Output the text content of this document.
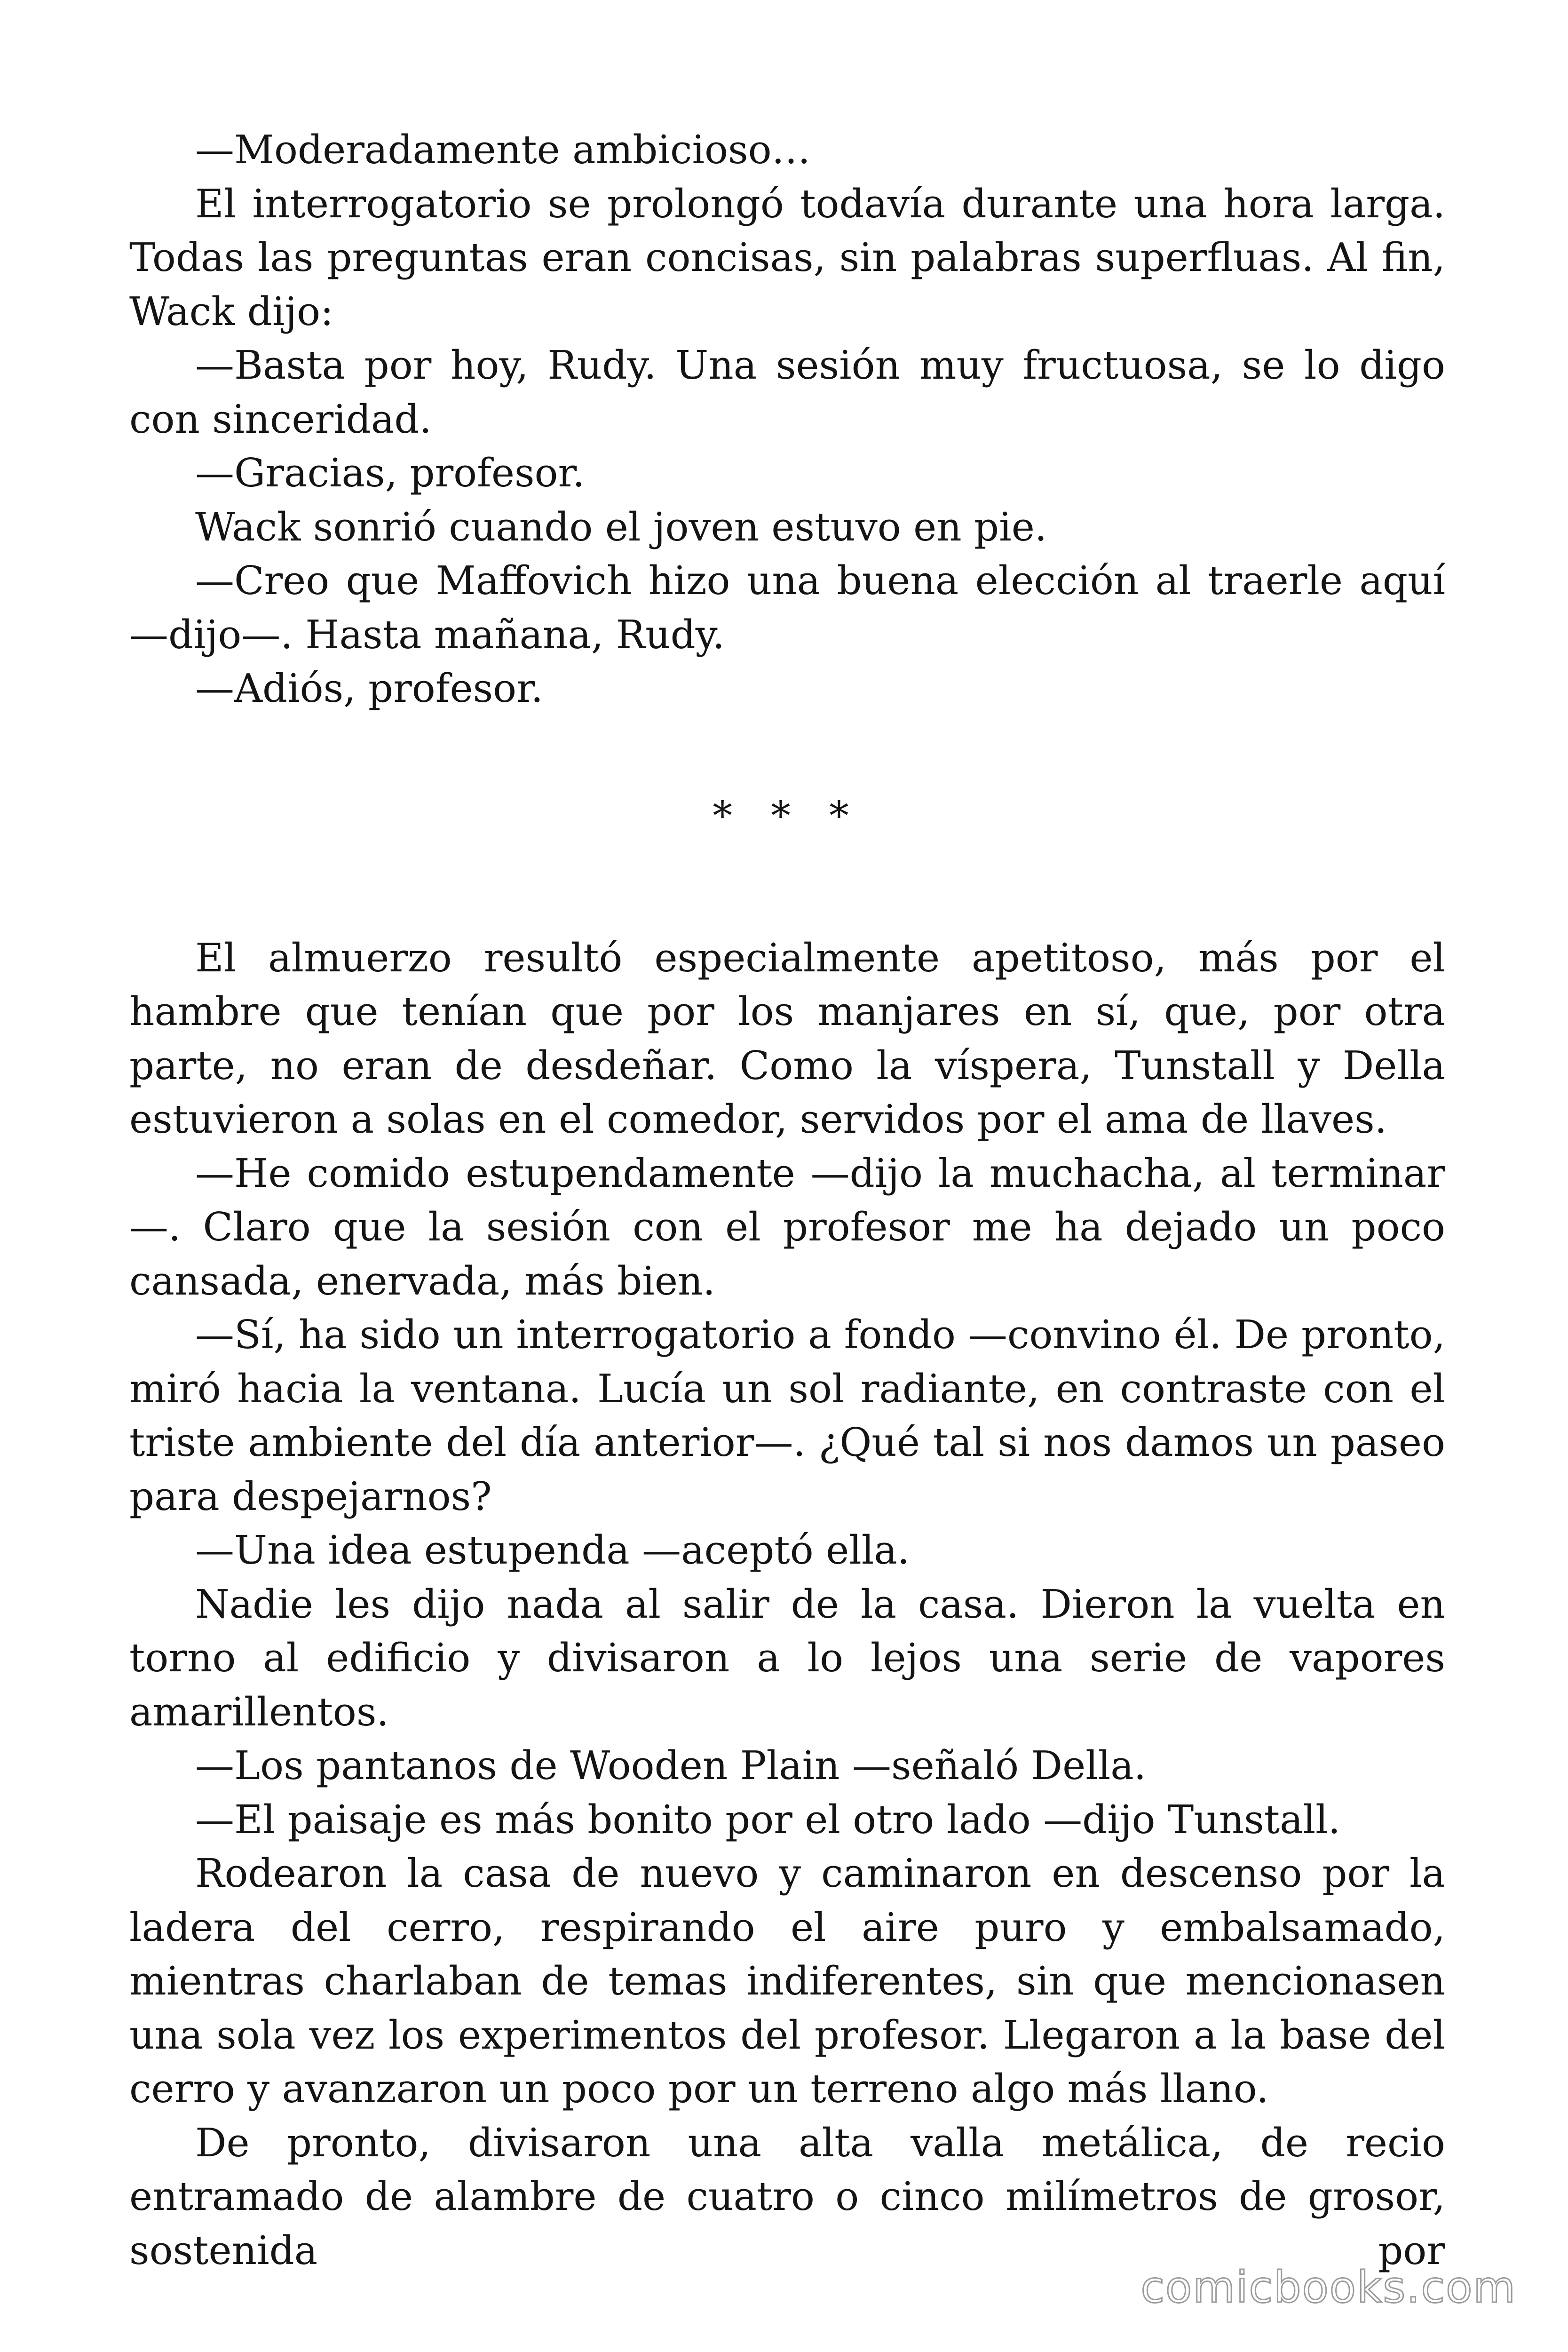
—Moderadamente ambicioso…

El interrogatorio se prolongó todavía durante una hora larga. Todas las preguntas eran concisas, sin palabras superfluas. Al fin, Wack dijo:

—Basta por hoy, Rudy. Una sesión muy fructuosa, se lo digo con sinceridad.

—Gracias, profesor.

Wack sonrió cuando el joven estuvo en pie.

—Creo que Maffovich hizo una buena elección al traerle aquí —dijo—. Hasta mañana, Rudy.

—Adiós, profesor.

* * *

El almuerzo resultó especialmente apetitoso, más por el hambre que tenían que por los manjares en sí, que, por otra parte, no eran de desdeñar. Como la víspera, Tunstall y Della estuvieron a solas en el comedor, servidos por el ama de llaves.

—He comido estupendamente —dijo la muchacha, al terminar —. Claro que la sesión con el profesor me ha dejado un poco cansada, enervada, más bien.

—Sí, ha sido un interrogatorio a fondo —convino él. De pronto, miró hacia la ventana. Lucía un sol radiante, en contraste con el triste ambiente del día anterior—. ¿Qué tal si nos damos un paseo para despejarnos?

—Una idea estupenda —aceptó ella.

Nadie les dijo nada al salir de la casa. Dieron la vuelta en torno al edificio y divisaron a lo lejos una serie de vapores amarillentos.

—Los pantanos de Wooden Plain —señaló Della.

—El paisaje es más bonito por el otro lado —dijo Tunstall.

Rodearon la casa de nuevo y caminaron en descenso por la ladera del cerro, respirando el aire puro y embalsamado, mientras charlaban de temas indiferentes, sin que mencionasen una sola vez los experimentos del profesor. Llegaron a la base del cerro y avanzaron un poco por un terreno algo más llano.

De pronto, divisaron una alta valla metálica, de recio entramado de alambre de cuatro o cinco milímetros de grosor, sostenida por

comicbooks.com
